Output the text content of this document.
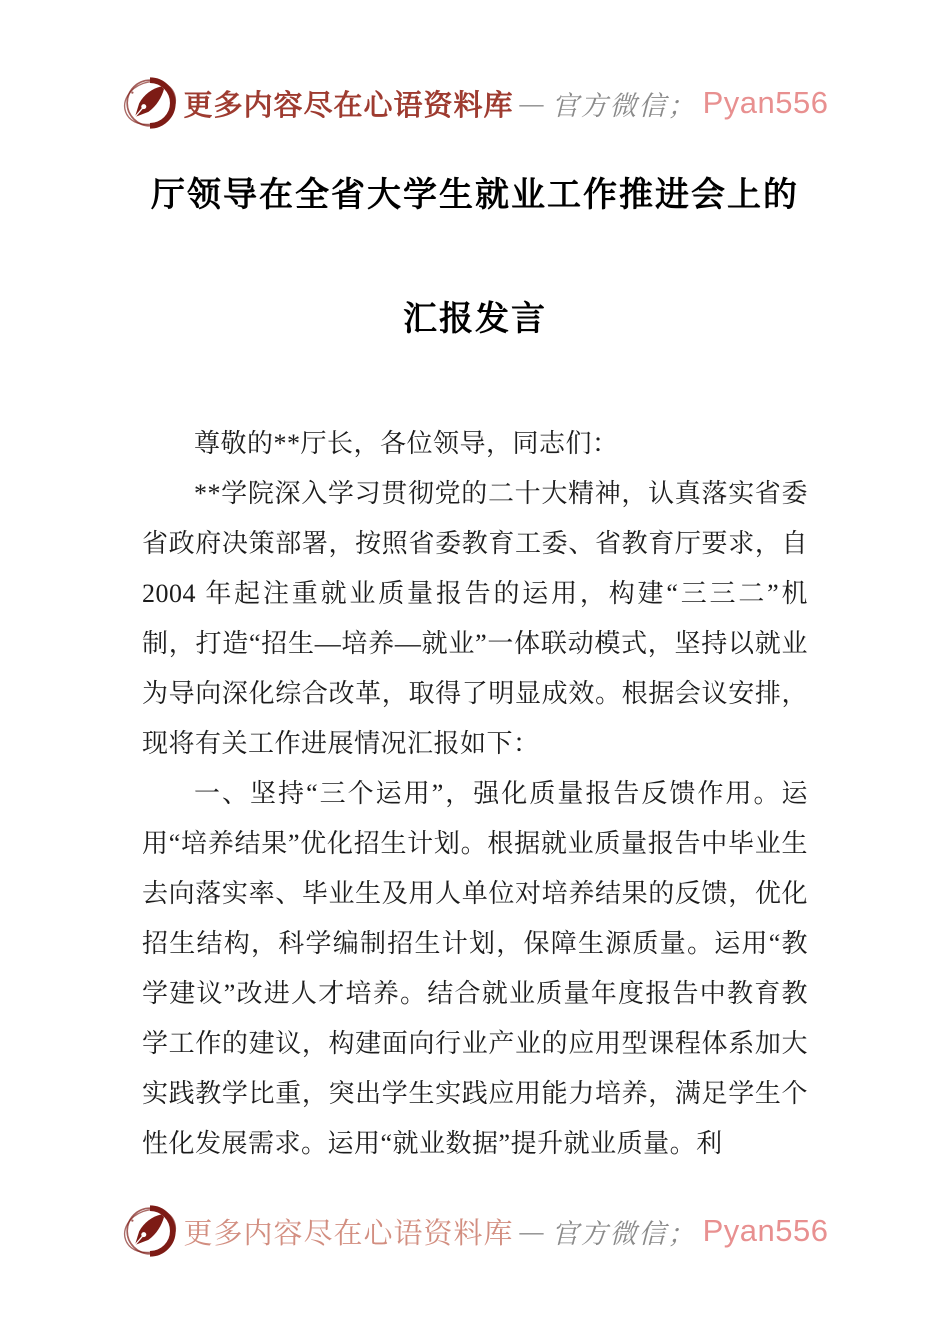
更多内容尽在心语资料库 — 官方微信； Pyan556
厅领导在全省大学生就业工作推进会上的
汇报发言

尊敬的**厅长，各位领导，同志们：

**学院深入学习贯彻党的二十大精神，认真落实省委省政府决策部署，按照省委教育工委、省教育厅要求，自 2004 年起注重就业质量报告的运用，构建“三三二”机制，打造“招生—培养—就业”一体联动模式，坚持以就业为导向深化综合改革，取得了明显成效。根据会议安排，现将有关工作进展情况汇报如下：

一、坚持“三个运用”，强化质量报告反馈作用。运用“培养结果”优化招生计划。根据就业质量报告中毕业生去向落实率、毕业生及用人单位对培养结果的反馈，优化招生结构，科学编制招生计划，保障生源质量。运用“教学建议”改进人才培养。结合就业质量年度报告中教育教学工作的建议，构建面向行业产业的应用型课程体系加大实践教学比重，突出学生实践应用能力培养，满足学生个性化发展需求。运用“就业数据”提升就业质量。利

更多内容尽在心语资料库 — 官方微信； Pyan556
